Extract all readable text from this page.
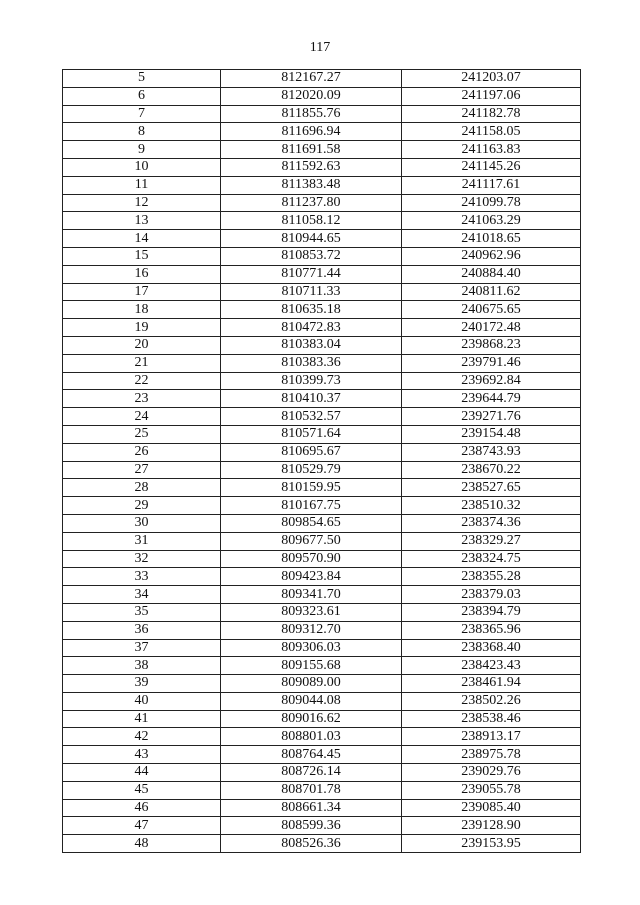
117
5	812167.27	241203.07
6	812020.09	241197.06
7	811855.76	241182.78
8	811696.94	241158.05
9	811691.58	241163.83
10	811592.63	241145.26
11	811383.48	241117.61
12	811237.80	241099.78
13	811058.12	241063.29
14	810944.65	241018.65
15	810853.72	240962.96
16	810771.44	240884.40
17	810711.33	240811.62
18	810635.18	240675.65
19	810472.83	240172.48
20	810383.04	239868.23
21	810383.36	239791.46
22	810399.73	239692.84
23	810410.37	239644.79
24	810532.57	239271.76
25	810571.64	239154.48
26	810695.67	238743.93
27	810529.79	238670.22
28	810159.95	238527.65
29	810167.75	238510.32
30	809854.65	238374.36
31	809677.50	238329.27
32	809570.90	238324.75
33	809423.84	238355.28
34	809341.70	238379.03
35	809323.61	238394.79
36	809312.70	238365.96
37	809306.03	238368.40
38	809155.68	238423.43
39	809089.00	238461.94
40	809044.08	238502.26
41	809016.62	238538.46
42	808801.03	238913.17
43	808764.45	238975.78
44	808726.14	239029.76
45	808701.78	239055.78
46	808661.34	239085.40
47	808599.36	239128.90
48	808526.36	239153.95
